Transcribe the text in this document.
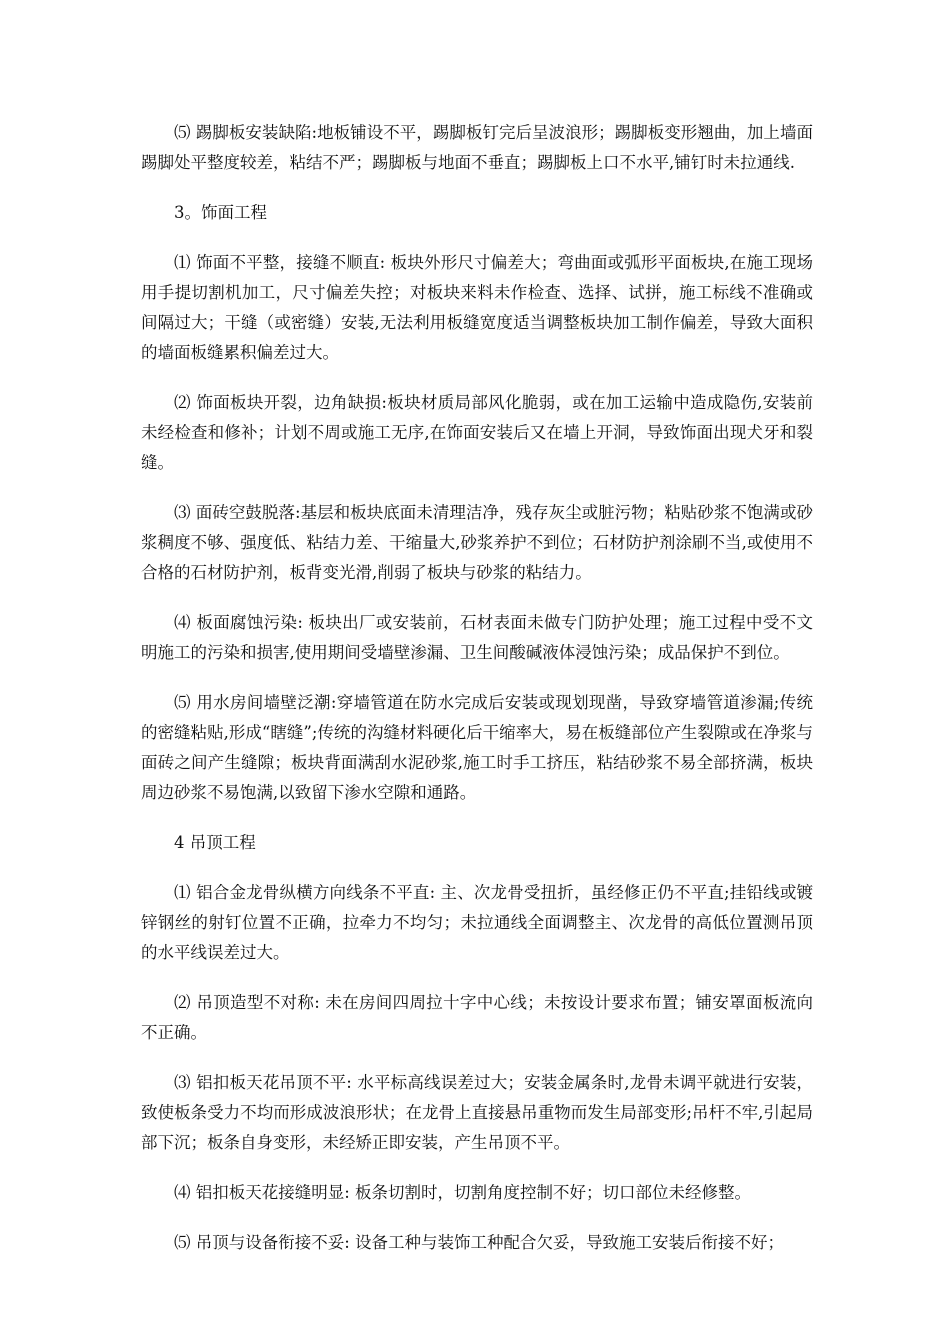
⑸ 踢脚板安装缺陷:地板铺设不平，踢脚板钉完后呈波浪形；踢脚板变形翘曲，加上墙面踢脚处平整度较差，粘结不严；踢脚板与地面不垂直；踢脚板上口不水平,铺钉时未拉通线.

3。饰面工程

⑴ 饰面不平整，接缝不顺直: 板块外形尺寸偏差大；弯曲面或弧形平面板块,在施工现场用手提切割机加工，尺寸偏差失控；对板块来料未作检查、选择、试拼，施工标线不准确或间隔过大；干缝（或密缝）安装,无法利用板缝宽度适当调整板块加工制作偏差，导致大面积的墙面板缝累积偏差过大。

⑵ 饰面板块开裂，边角缺损:板块材质局部风化脆弱，或在加工运输中造成隐伤,安装前未经检查和修补；计划不周或施工无序,在饰面安装后又在墙上开洞，导致饰面出现犬牙和裂缝。

⑶ 面砖空鼓脱落:基层和板块底面未清理洁净，残存灰尘或脏污物；粘贴砂浆不饱满或砂浆稠度不够、强度低、粘结力差、干缩量大,砂浆养护不到位；石材防护剂涂刷不当,或使用不合格的石材防护剂，板背变光滑,削弱了板块与砂浆的粘结力。

⑷ 板面腐蚀污染: 板块出厂或安装前，石材表面未做专门防护处理；施工过程中受不文明施工的污染和损害,使用期间受墙壁渗漏、卫生间酸碱液体浸蚀污染；成品保护不到位。

⑸ 用水房间墙壁泛潮:穿墙管道在防水完成后安装或现划现凿，导致穿墙管道渗漏;传统的密缝粘贴,形成“瞎缝”;传统的沟缝材料硬化后干缩率大，易在板缝部位产生裂隙或在净浆与面砖之间产生缝隙；板块背面满刮水泥砂浆,施工时手工挤压，粘结砂浆不易全部挤满，板块周边砂浆不易饱满,以致留下渗水空隙和通路。

4 吊顶工程

⑴ 铝合金龙骨纵横方向线条不平直: 主、次龙骨受扭折，虽经修正仍不平直;挂铅线或镀锌钢丝的射钉位置不正确，拉牵力不均匀；未拉通线全面调整主、次龙骨的高低位置测吊顶的水平线误差过大。

⑵ 吊顶造型不对称: 未在房间四周拉十字中心线；未按设计要求布置；铺安罩面板流向不正确。

⑶ 铝扣板天花吊顶不平: 水平标高线误差过大；安装金属条时,龙骨未调平就进行安装，致使板条受力不均而形成波浪形状；在龙骨上直接悬吊重物而发生局部变形;吊杆不牢,引起局部下沉；板条自身变形，未经矫正即安装，产生吊顶不平。

⑷ 铝扣板天花接缝明显: 板条切割时，切割角度控制不好；切口部位未经修整。

⑸ 吊顶与设备衔接不妥: 设备工种与装饰工种配合欠妥，导致施工安装后衔接不好；
